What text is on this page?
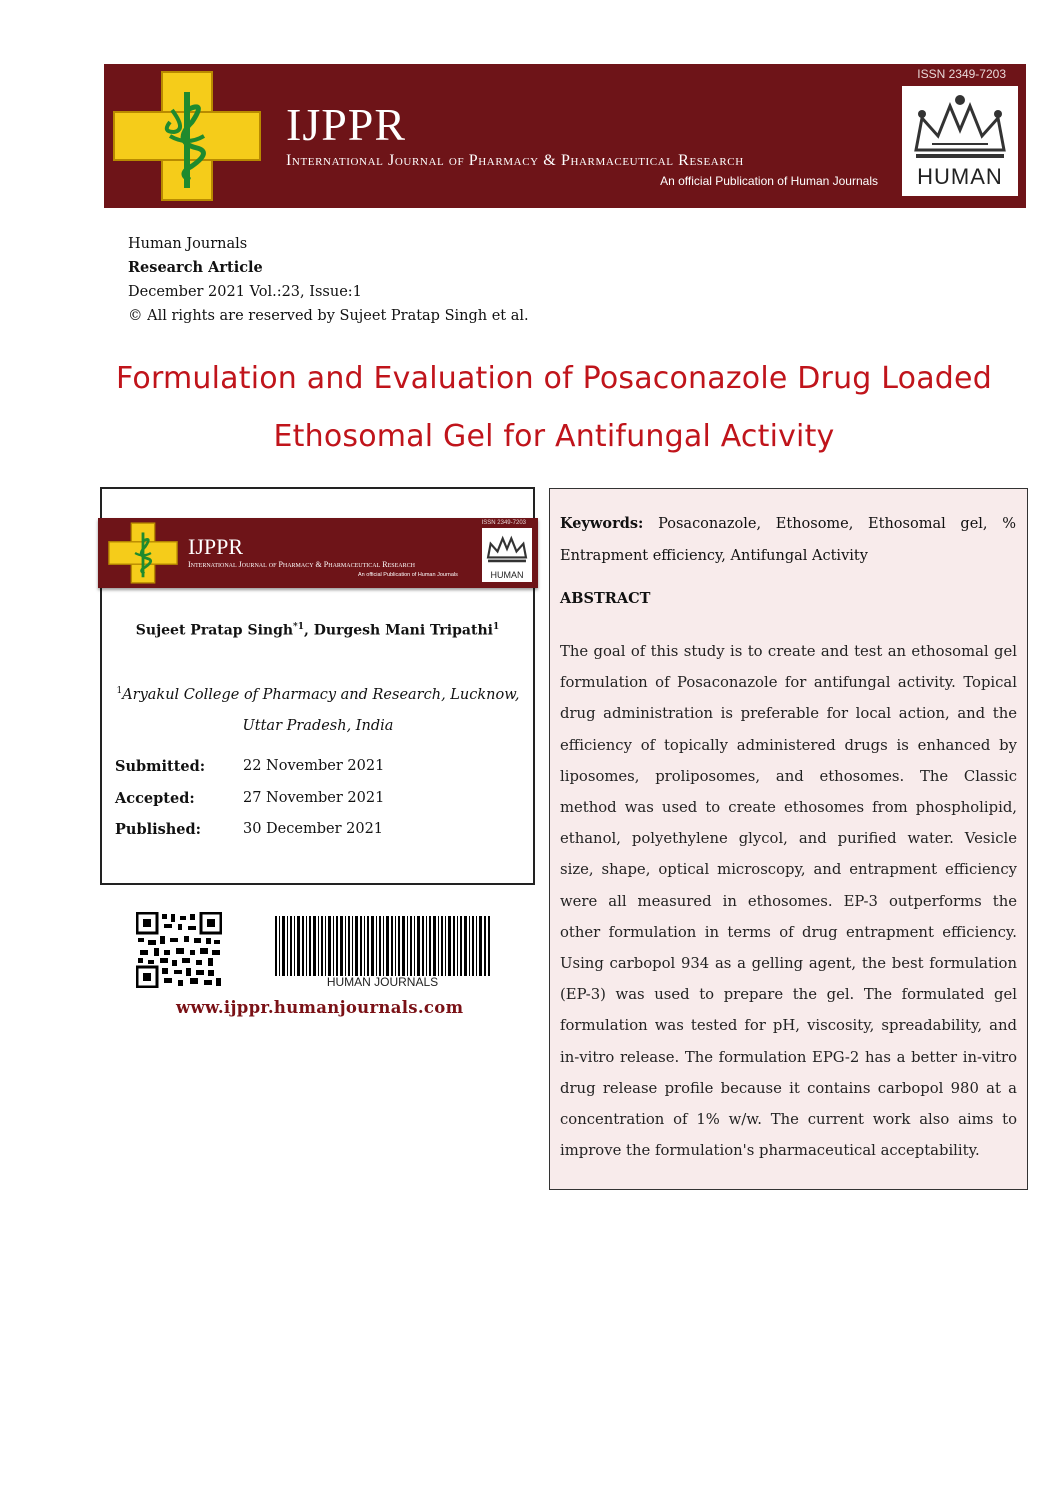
IJPPR
International Journal of Pharmacy & Pharmaceutical Research
An official Publication of Human Journals
ISSN 2349-7203
HUMAN
Human Journals
Research Article
December 2021 Vol.:23, Issue:1
© All rights are reserved by Sujeet Pratap Singh et al.
Formulation and Evaluation of Posaconazole Drug Loaded
Ethosomal Gel for Antifungal Activity
IJPPR
International Journal of Pharmacy & Pharmaceutical Research
An official Publication of Human Journals
ISSN 2349-7203
HUMAN
Sujeet Pratap Singh$^{*1}$, Durgesh Mani Tripathi$^1$
$^1$Aryakul College of Pharmacy and Research, Lucknow,
Uttar Pradesh, India
Submitted:	22 November 2021
Accepted:	27 November 2021
Published:	30 December 2021
HUMAN JOURNALS
www.ijppr.humanjournals.com
Keywords: Posaconazole, Ethosome, Ethosomal gel, % Entrapment efficiency, Antifungal Activity
ABSTRACT
The goal of this study is to create and test an ethosomal gel formulation of Posaconazole for antifungal activity. Topical drug administration is preferable for local action, and the efficiency of topically administered drugs is enhanced by liposomes, proliposomes, and ethosomes. The Classic method was used to create ethosomes from phospholipid, ethanol, polyethylene glycol, and purified water. Vesicle size, shape, optical microscopy, and entrapment efficiency were all measured in ethosomes. EP-3 outperforms the other formulation in terms of drug entrapment efficiency. Using carbopol 934 as a gelling agent, the best formulation (EP-3) was used to prepare the gel. The formulated gel formulation was tested for pH, viscosity, spreadability, and in-vitro release. The formulation EPG-2 has a better in-vitro drug release profile because it contains carbopol 980 at a concentration of 1% w/w. The current work also aims to improve the formulation's pharmaceutical acceptability.
